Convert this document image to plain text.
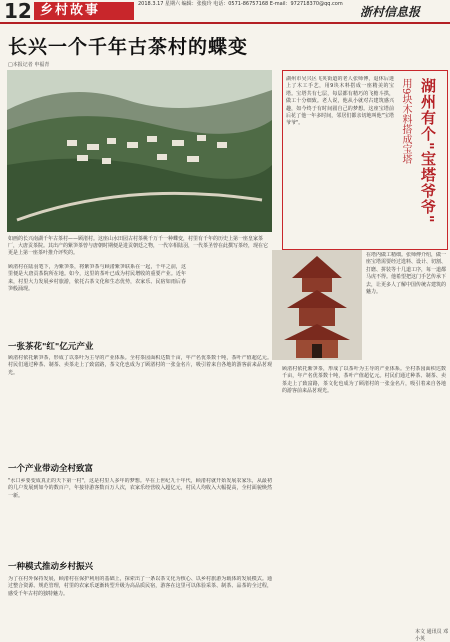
12 乡村故事	2018.3.17 星期六 编辑：张俊玲 电话：0571-86757168 E-mail：972718370@qq.com
浙村信息报
长兴一个千年古茶村的蝶变
□本报记者 申福青
如画的长兴南湖千年古茶村——顾渚村。这座山水田园古村茶桃千万千一种蝶变，村里有千年的历史上第一座皇家茶厂，大唐贡茶院。其出产的紫笋茶曾与唐朝时期便是进贡朝廷之物，一代宰相陆羽，一代茶圣曾在此撰写茶经，现在它更是上第一座茶叶推介评奖的。
顾渚村在陆羽笔下，为紫笋茶，将紫笋茶与顾渚紫笋联系在一起，千年之前，这里便是大唐贡茶院所在地。如今，这里的茶叶已成为村民增收的重要产业。近年来，村里大力发展乡村旅游，依托古茶文化和生态优势，农家乐、民宿如雨后春笋般涌现。
一张茶花"红"亿元产业
顾渚村依托紫笋茶，形成了以茶叶为主导的产业体系。全村茶园面积达数千亩，年产名优茶数十吨，茶叶产值超亿元。村民们通过种茶、制茶、卖茶走上了致富路，茶文化也成为了顾渚村的一张金名片，吸引着来自各地的游客前来品茗观光。
一个产业带动全村致富
"水口乡要变成真正的天下第一村"，这是村里人多年的梦想。早在上世纪九十年代，顾渚村就开始发展农家乐，从最初的几户发展到如今的数百户，年接待游客数百万人次，农家乐经营收入超亿元，村民人均收入大幅提高，全村面貌焕然一新。
一种模式推动乡村振兴
为了在村外保持发展，顾渚村在保护利用的基础上，探索出了一条以茶文化为核心、以乡村旅游为载体的发展模式。通过整合资源、规范管理，村里的农家乐逐渐转型升级为高品质民宿，游客在这里可以体验采茶、制茶、品茶的全过程，感受千年古村的独特魅力。
湖州有个"宝塔爷爷"
用9块木料搭成宝塔
湖州市吴兴区飞英街道的老人张师傅，退休后迷上了木工手艺，用9块木料搭成一座精美的宝塔。宝塔共有七层，每层都有精巧的飞檐斗拱，做工十分细致。老人说，他从小就对古建筑感兴趣，如今终于有时间圆自己的梦想。这座宝塔前后花了他一年多时间，邻居们都亲切地叫他"宝塔爷爷"。
在塔内做工精细。张师傅介绍，做一座宝塔需要经过选料、设计、切割、打磨、拼装等十几道工序，每一道都马虎不得。他希望把这门手艺传承下去，让更多人了解中国传统古建筑的魅力。
顾渚村依托紫笋茶，形成了以茶叶为主导的产业体系。全村茶园面积达数千亩，年产名优茶数十吨，茶叶产值超亿元。村民们通过种茶、制茶、卖茶走上了致富路，茶文化也成为了顾渚村的一张金名片，吸引着来自各地的游客前来品茗观光。
本文 通讯员 邓小英
